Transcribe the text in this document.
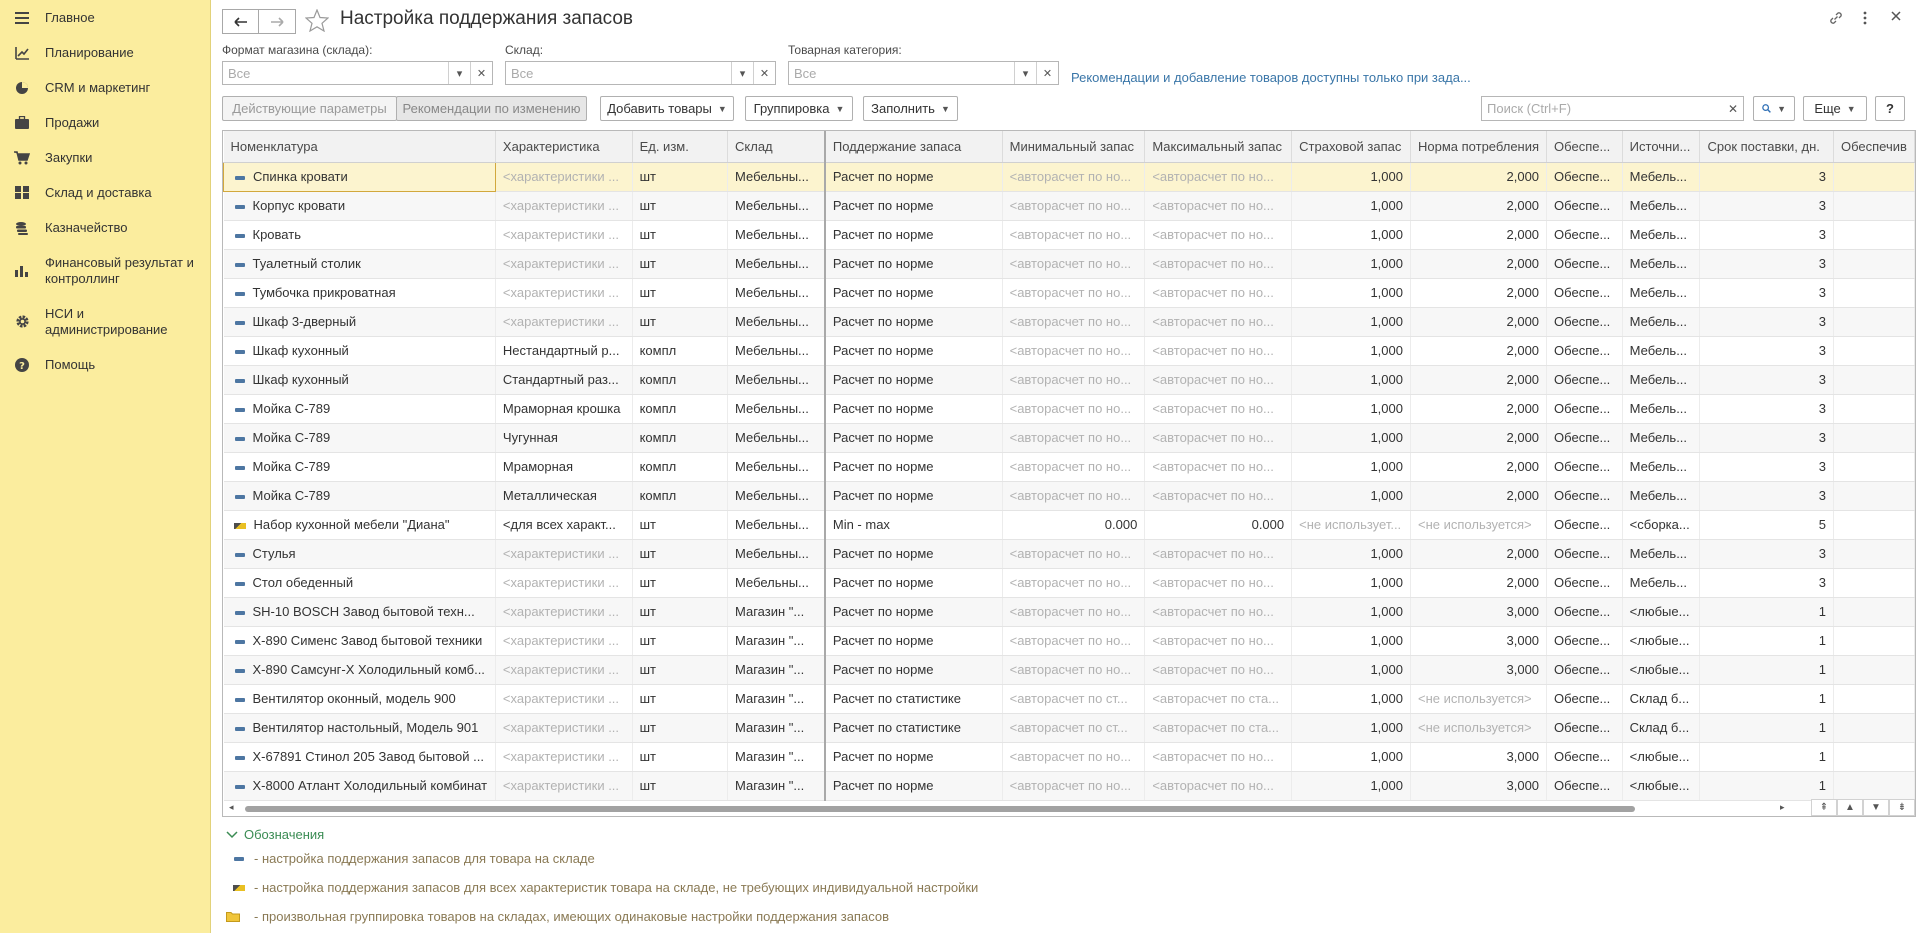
Главное
Планирование
CRM и маркетинг
Продажи
Закупки
Склад и доставка
Казначейство
Финансовый результат и контроллинг
НСИ и администрирование
? Помощь
Настройка поддержания запасов
Формат магазина (склада):
Все	▾	✕
Склад:
Все	▾	✕
Товарная категория:
Все	▾	✕	Рекомендации и добавление товаров доступны только при зада...
Действующие параметры	Рекомендации по изменению	Добавить товары ▼ Группировка ▼ Заполнить ▼	Поиск (Ctrl+F)	✕	▼ Еще ▼	?
Номенклатура	Характеристика	Ед. изм.	Склад	Поддержание запаса	Минимальный запас	Максимальный запас	Страховой запас	Норма потребления	Обеспе...	Источни...	Срок поставки, дн.	Обеспечив
Спинка кровати	<характеристики ...	шт	Мебельны...	Расчет по норме	<авторасчет по но...	<авторасчет по но...	1,000	2,000	Обеспе...	Мебель...	3	
Корпус кровати	<характеристики ...	шт	Мебельны...	Расчет по норме	<авторасчет по но...	<авторасчет по но...	1,000	2,000	Обеспе...	Мебель...	3	
Кровать	<характеристики ...	шт	Мебельны...	Расчет по норме	<авторасчет по но...	<авторасчет по но...	1,000	2,000	Обеспе...	Мебель...	3	
Туалетный столик	<характеристики ...	шт	Мебельны...	Расчет по норме	<авторасчет по но...	<авторасчет по но...	1,000	2,000	Обеспе...	Мебель...	3	
Тумбочка прикроватная	<характеристики ...	шт	Мебельны...	Расчет по норме	<авторасчет по но...	<авторасчет по но...	1,000	2,000	Обеспе...	Мебель...	3	
Шкаф 3-дверный	<характеристики ...	шт	Мебельны...	Расчет по норме	<авторасчет по но...	<авторасчет по но...	1,000	2,000	Обеспе...	Мебель...	3	
Шкаф кухонный	Нестандартный р...	компл	Мебельны...	Расчет по норме	<авторасчет по но...	<авторасчет по но...	1,000	2,000	Обеспе...	Мебель...	3	
Шкаф кухонный	Стандартный раз...	компл	Мебельны...	Расчет по норме	<авторасчет по но...	<авторасчет по но...	1,000	2,000	Обеспе...	Мебель...	3	
Мойка С-789	Мраморная крошка	компл	Мебельны...	Расчет по норме	<авторасчет по но...	<авторасчет по но...	1,000	2,000	Обеспе...	Мебель...	3	
Мойка С-789	Чугунная	компл	Мебельны...	Расчет по норме	<авторасчет по но...	<авторасчет по но...	1,000	2,000	Обеспе...	Мебель...	3	
Мойка С-789	Мраморная	компл	Мебельны...	Расчет по норме	<авторасчет по но...	<авторасчет по но...	1,000	2,000	Обеспе...	Мебель...	3	
Мойка С-789	Металлическая	компл	Мебельны...	Расчет по норме	<авторасчет по но...	<авторасчет по но...	1,000	2,000	Обеспе...	Мебель...	3	
Набор кухонной мебели "Диана"	<для всех характ...	шт	Мебельны...	Min - max	0.000	0.000	<не использует...	<не используется>	Обеспе...	<сборка...	5	
Стулья	<характеристики ...	шт	Мебельны...	Расчет по норме	<авторасчет по но...	<авторасчет по но...	1,000	2,000	Обеспе...	Мебель...	3	
Стол обеденный	<характеристики ...	шт	Мебельны...	Расчет по норме	<авторасчет по но...	<авторасчет по но...	1,000	2,000	Обеспе...	Мебель...	3	
SH-10 BOSCH Завод бытовой техн...	<характеристики ...	шт	Магазин "...	Расчет по норме	<авторасчет по но...	<авторасчет по но...	1,000	3,000	Обеспе...	<любые...	1	
X-890 Сименс Завод бытовой техники	<характеристики ...	шт	Магазин "...	Расчет по норме	<авторасчет по но...	<авторасчет по но...	1,000	3,000	Обеспе...	<любые...	1	
X-890 Самсунг-Х Холодильный комб...	<характеристики ...	шт	Магазин "...	Расчет по норме	<авторасчет по но...	<авторасчет по но...	1,000	3,000	Обеспе...	<любые...	1	
Вентилятор оконный, модель 900	<характеристики ...	шт	Магазин "...	Расчет по статистике	<авторасчет по ст...	<авторасчет по ста...	1,000	<не используется>	Обеспе...	Склад б...	1	
Вентилятор настольный, Модель 901	<характеристики ...	шт	Магазин "...	Расчет по статистике	<авторасчет по ст...	<авторасчет по ста...	1,000	<не используется>	Обеспе...	Склад б...	1	
X-67891 Стинол 205 Завод бытовой ...	<характеристики ...	шт	Магазин "...	Расчет по норме	<авторасчет по но...	<авторасчет по но...	1,000	3,000	Обеспе...	<любые...	1	
X-8000 Атлант Холодильный комбинат	<характеристики ...	шт	Магазин "...	Расчет по норме	<авторасчет по но...	<авторасчет по но...	1,000	3,000	Обеспе...	<любые...	1	
◂	▸	⇞	▲	▼	⇟
Обозначения
- настройка поддержания запасов для товара на складе
- настройка поддержания запасов для всех характеристик товара на складе, не требующих индивидуальной настройки
- произвольная группировка товаров на складах, имеющих одинаковые настройки поддержания запасов
